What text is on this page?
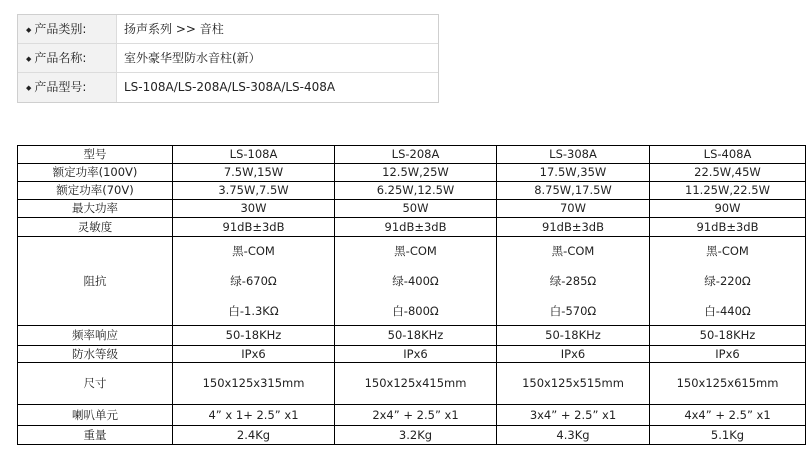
◆ 产品类别:	扬声系列 >> 音柱
◆ 产品名称:	室外豪华型防水音柱(新）
◆ 产品型号:	LS-108A/LS-208A/LS-308A/LS-408A
型号	LS-108A	LS-208A	LS-308A	LS-408A
额定功率(100V)	7.5W,15W	12.5W,25W	17.5W,35W	22.5W,45W
额定功率(70V)	3.75W,7.5W	6.25W,12.5W	8.75W,17.5W	11.25W,22.5W
最大功率	30W	50W	70W	90W
灵敏度	91dB±3dB	91dB±3dB	91dB±3dB	91dB±3dB
阻抗	黑-COM
绿-670Ω
白-1.3KΩ	黑-COM
绿-400Ω
白-800Ω	黑-COM
绿-285Ω
白-570Ω	黑-COM
绿-220Ω
白-440Ω

频率响应	50-18KHz	50-18KHz	50-18KHz	50-18KHz
防水等级	IPx6	IPx6	IPx6	IPx6
尺寸	150x125x315mm	150x125x415mm	150x125x515mm	150x125x615mm
喇叭单元	4” x 1+ 2.5” x1	2x4” + 2.5” x1	3x4” + 2.5” x1	4x4” + 2.5” x1
重量	2.4Kg	3.2Kg	4.3Kg	5.1Kg
